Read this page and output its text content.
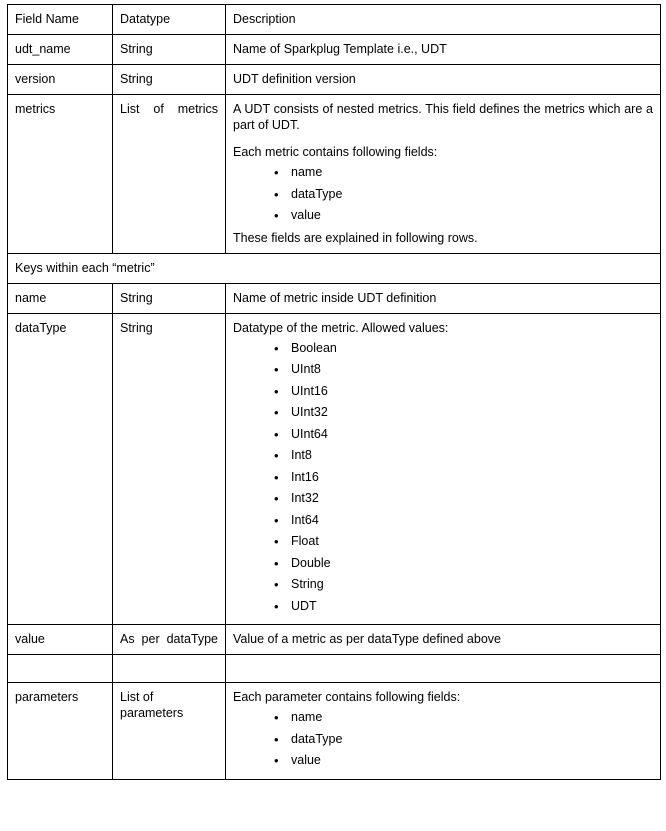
Field Name	Datatype	Description
udt_name	String	Name of Sparkplug Template i.e., UDT

version	String	UDT definition version

metrics	List of metrics	A UDT consists of nested metrics. This field defines the metrics which are a part of UDT.

Each metric contains following fields:

• name
• dataType
• value

These fields are explained in following rows.

Keys within each “metric”		
name	String	Name of metric inside UDT definition

dataType	String	Datatype of the metric. Allowed values:

• Boolean
• UInt8
• UInt16
• UInt32
• UInt64
• Int8
• Int16
• Int32
• Int64
• Float
• Double
• String
• UDT

value	As per dataType	Value of a metric as per dataType defined above

parameters	List of parameters	

Each parameter contains following fields:

• name
• dataType
• value
